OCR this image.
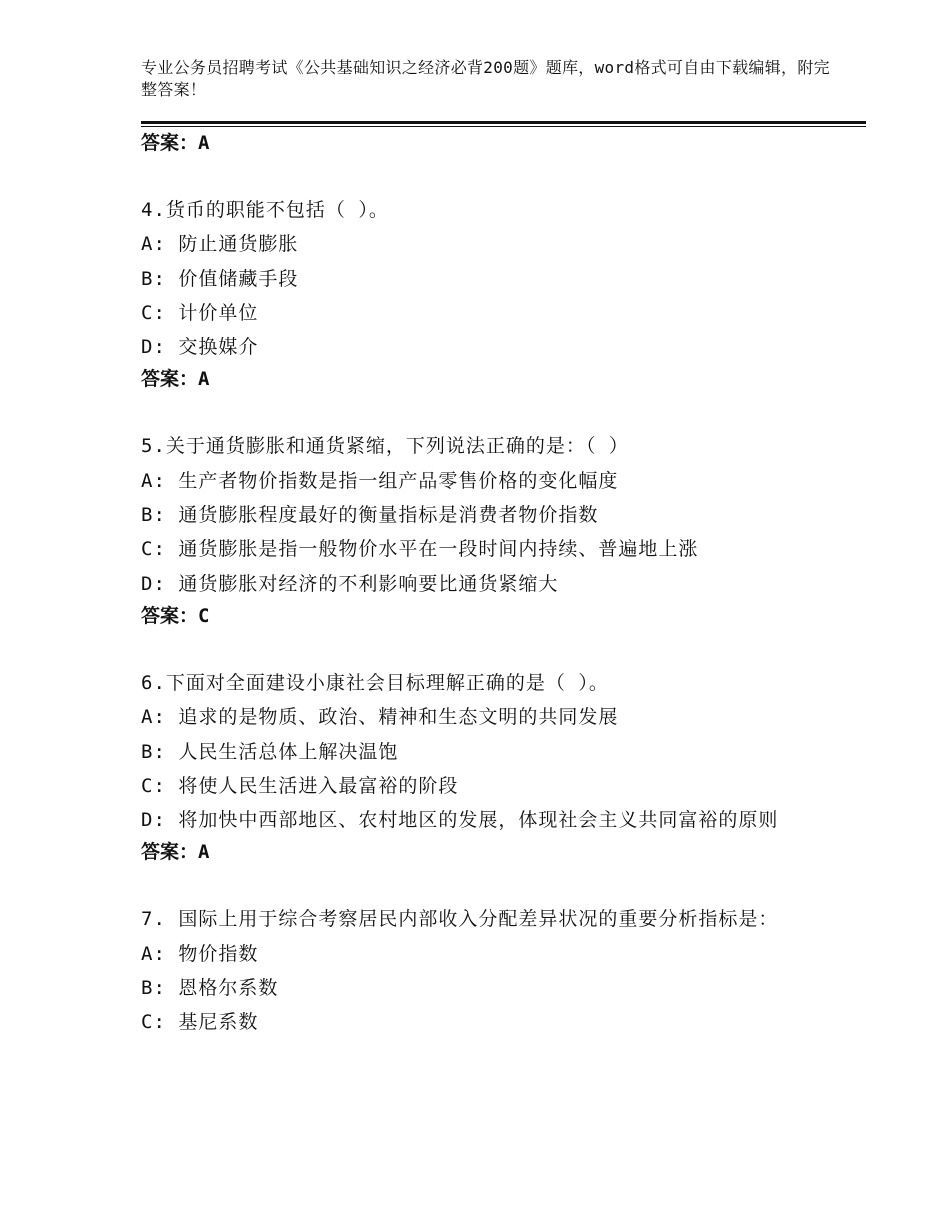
专业公务员招聘考试《公共基础知识之经济必背200题》题库，word格式可自由下载编辑，附完整答案！

答案：A

4.货币的职能不包括（ ）。

A: 防止通货膨胀

B: 价值储藏手段

C: 计价单位

D: 交换媒介

答案：A

5.关于通货膨胀和通货紧缩，下列说法正确的是：（ ）

A: 生产者物价指数是指一组产品零售价格的变化幅度

B: 通货膨胀程度最好的衡量指标是消费者物价指数

C: 通货膨胀是指一般物价水平在一段时间内持续、普遍地上涨

D: 通货膨胀对经济的不利影响要比通货紧缩大

答案：C

6.下面对全面建设小康社会目标理解正确的是（ ）。

A: 追求的是物质、政治、精神和生态文明的共同发展

B: 人民生活总体上解决温饱

C: 将使人民生活进入最富裕的阶段

D: 将加快中西部地区、农村地区的发展，体现社会主义共同富裕的原则

答案：A

7. 国际上用于综合考察居民内部收入分配差异状况的重要分析指标是：

A: 物价指数

B: 恩格尔系数

C: 基尼系数
